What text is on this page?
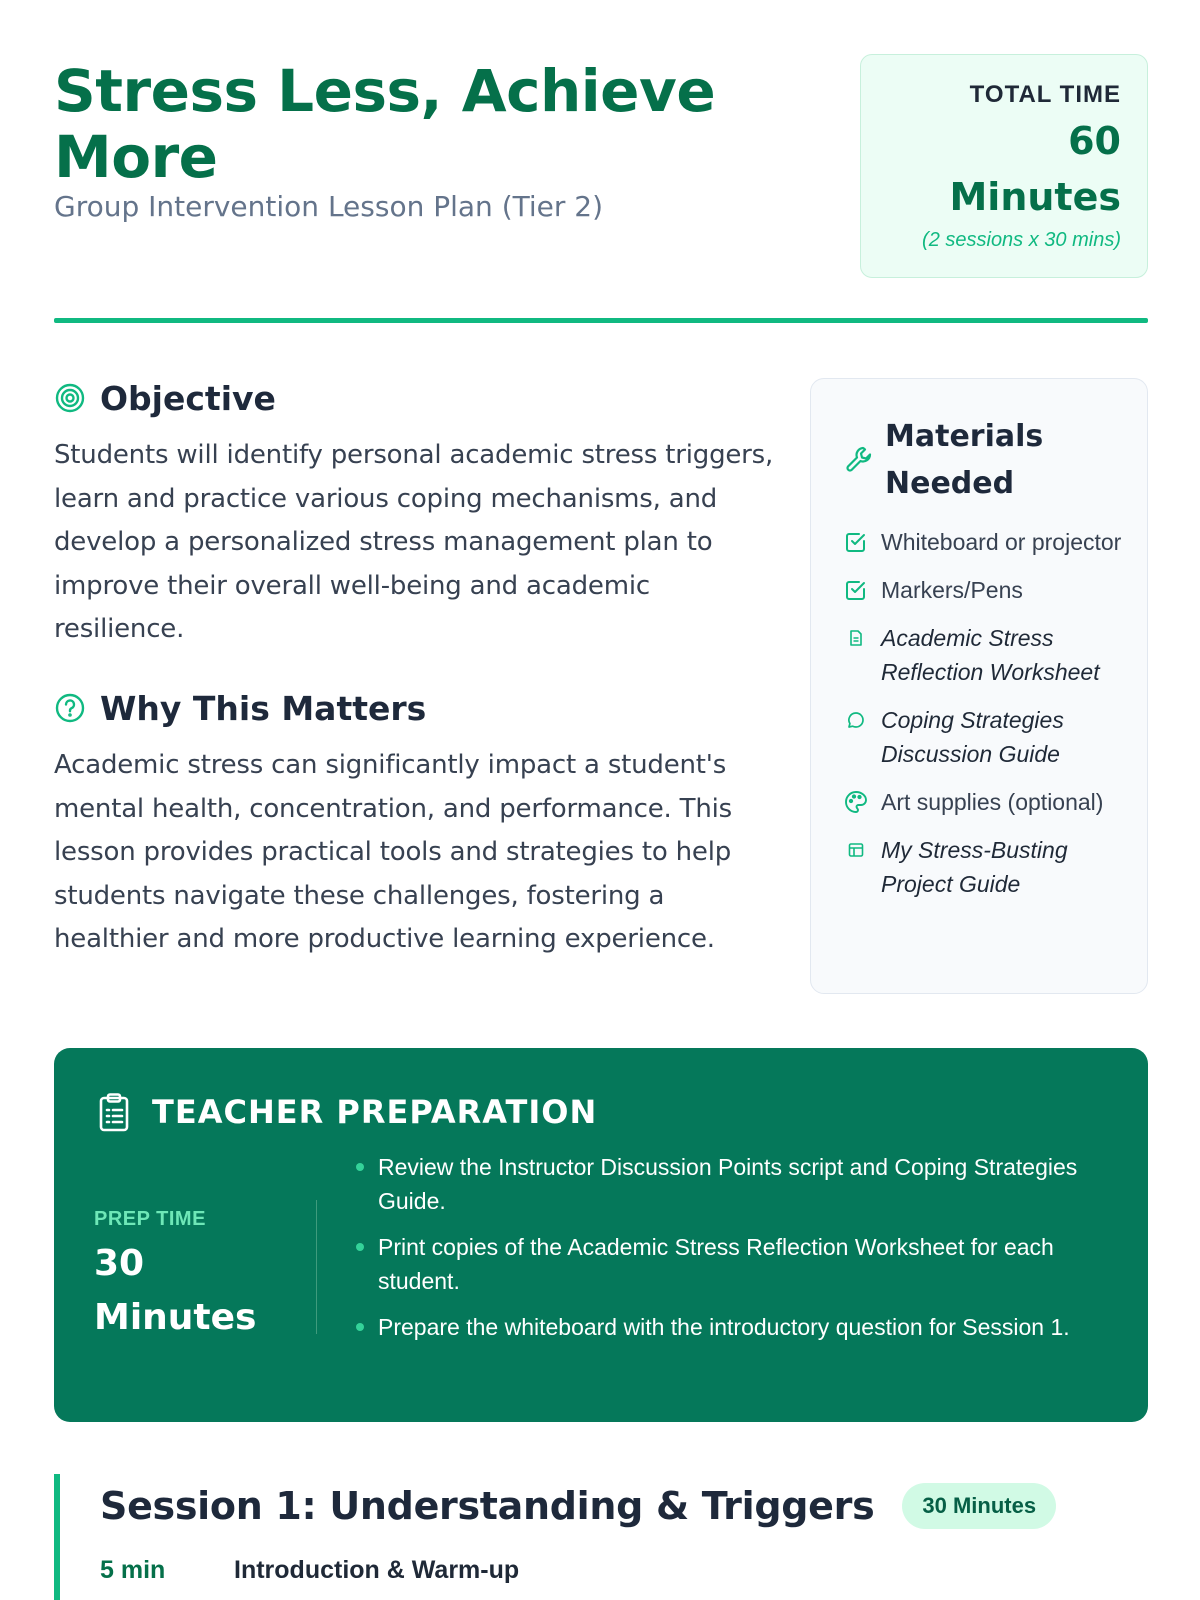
Stress Less, Achieve More
Group Intervention Lesson Plan (Tier 2)
TOTAL TIME
60 Minutes
(2 sessions x 30 mins)
Objective

Students will identify personal academic stress triggers, learn and practice various coping mechanisms, and develop a personalized stress management plan to improve their overall well-being and academic resilience.

Why This Matters

Academic stress can significantly impact a student's mental health, concentration, and performance. This lesson provides practical tools and strategies to help students navigate these challenges, fostering a healthier and more productive learning experience.

Materials Needed
Whiteboard or projector
Markers/Pens
Academic Stress Reflection Worksheet
Coping Strategies Discussion Guide
Art supplies (optional)
My Stress-Busting Project Guide
TEACHER PREPARATION
PREP TIME
30 Minutes
Review the Instructor Discussion Points script and Coping Strategies Guide.
Print copies of the Academic Stress Reflection Worksheet for each student.
Prepare the whiteboard with the introductory question for Session 1.
Session 1: Understanding & Triggers	30 Minutes
5 min	Introduction & Warm-up
